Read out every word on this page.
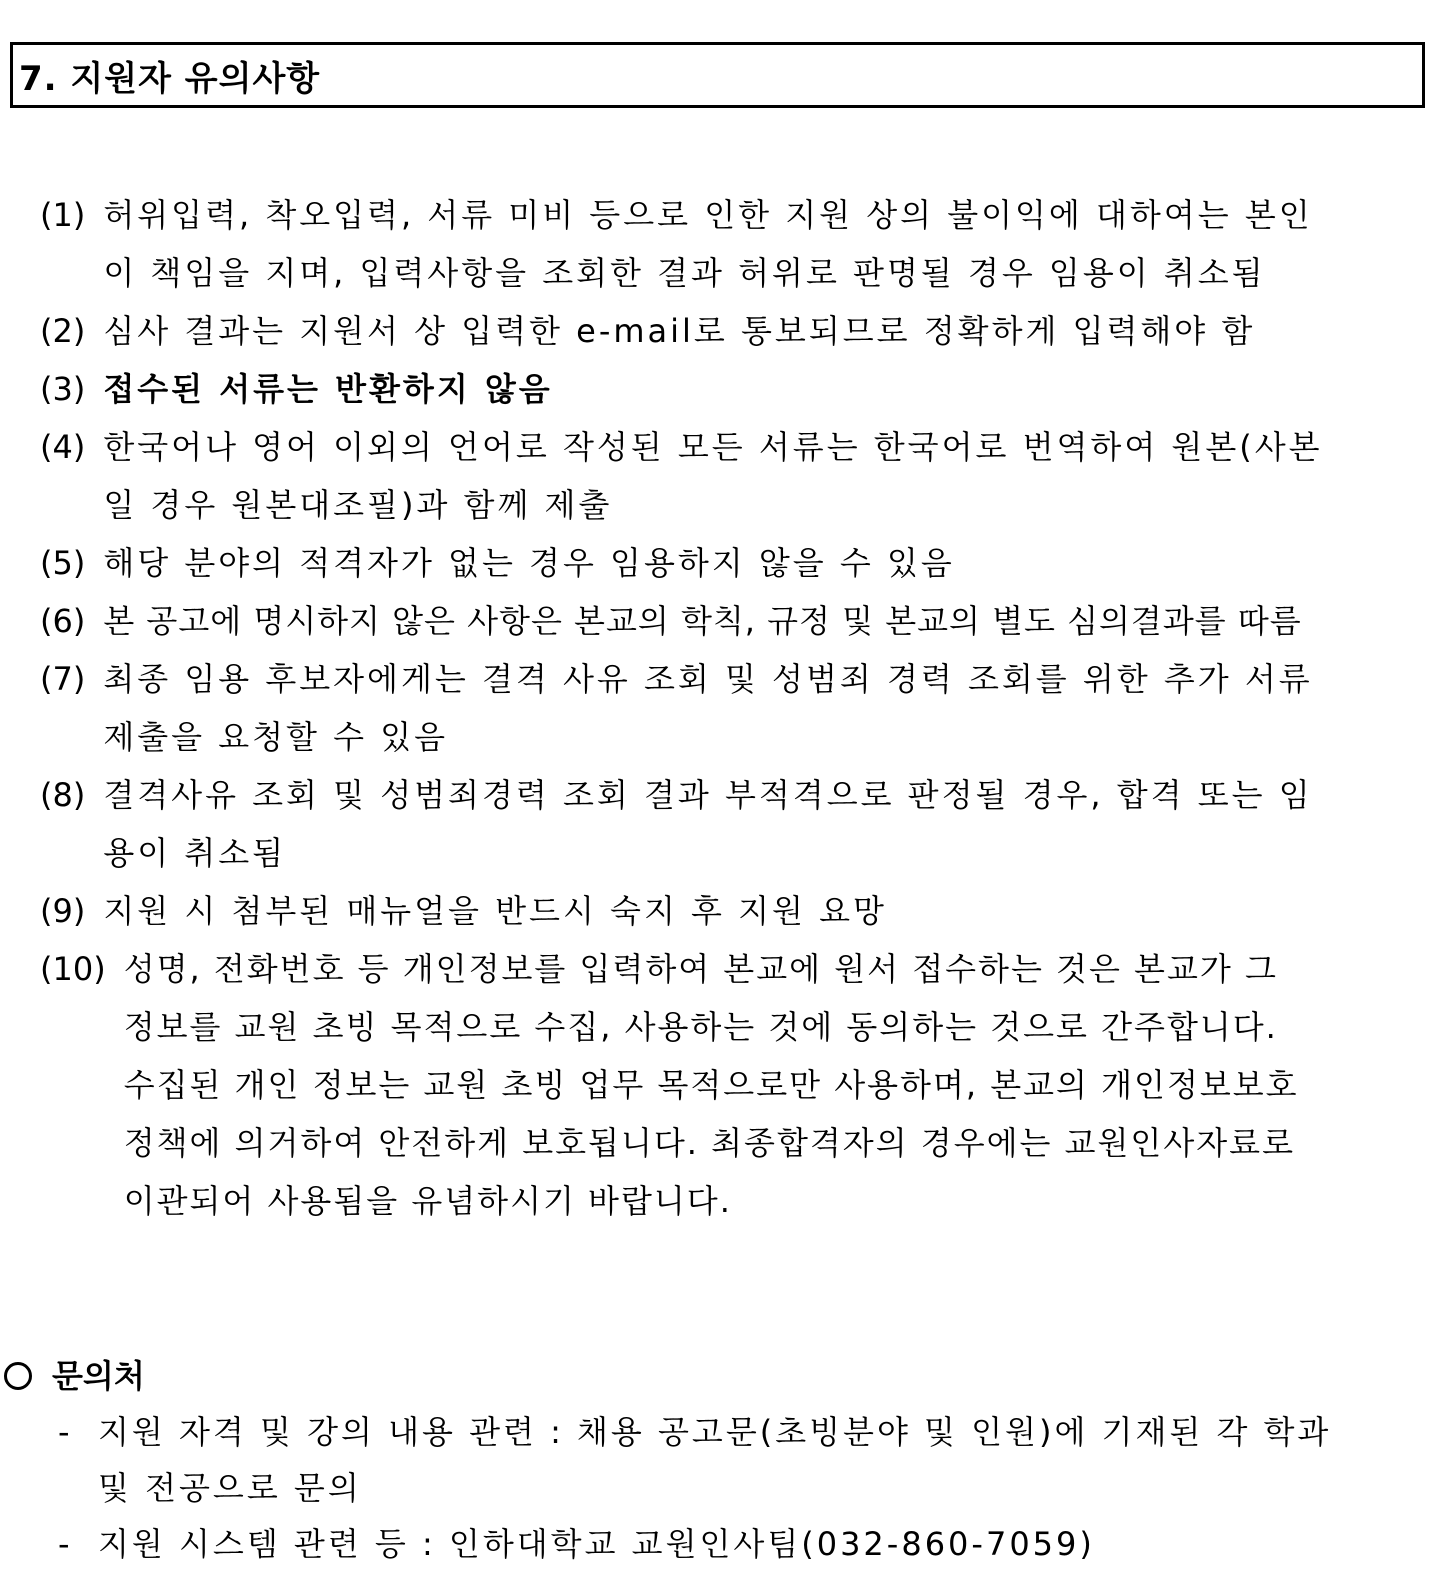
7. 지원자 유의사항
(1) 허위입력, 착오입력, 서류 미비 등으로 인한 지원 상의 불이익에 대하여는 본인
이 책임을 지며, 입력사항을 조회한 결과 허위로 판명될 경우 임용이 취소됨
(2) 심사 결과는 지원서 상 입력한 e-mail로 통보되므로 정확하게 입력해야 함
(3) 접수된 서류는 반환하지 않음
(4) 한국어나 영어 이외의 언어로 작성된 모든 서류는 한국어로 번역하여 원본(사본
일 경우 원본대조필)과 함께 제출
(5) 해당 분야의 적격자가 없는 경우 임용하지 않을 수 있음
(6) 본 공고에 명시하지 않은 사항은 본교의 학칙, 규정 및 본교의 별도 심의결과를 따름
(7) 최종 임용 후보자에게는 결격 사유 조회 및 성범죄 경력 조회를 위한 추가 서류
제출을 요청할 수 있음
(8) 결격사유 조회 및 성범죄경력 조회 결과 부적격으로 판정될 경우, 합격 또는 임
용이 취소됨
(9) 지원 시 첨부된 매뉴얼을 반드시 숙지 후 지원 요망
(10) 성명, 전화번호 등 개인정보를 입력하여 본교에 원서 접수하는 것은 본교가 그
정보를 교원 초빙 목적으로 수집, 사용하는 것에 동의하는 것으로 간주합니다.
수집된 개인 정보는 교원 초빙 업무 목적으로만 사용하며, 본교의 개인정보보호
정책에 의거하여 안전하게 보호됩니다. 최종합격자의 경우에는 교원인사자료로
이관되어 사용됨을 유념하시기 바랍니다.
문의처
- 지원 자격 및 강의 내용 관련 : 채용 공고문(초빙분야 및 인원)에 기재된 각 학과
및 전공으로 문의
- 지원 시스템 관련 등 : 인하대학교 교원인사팀(032-860-7059)
